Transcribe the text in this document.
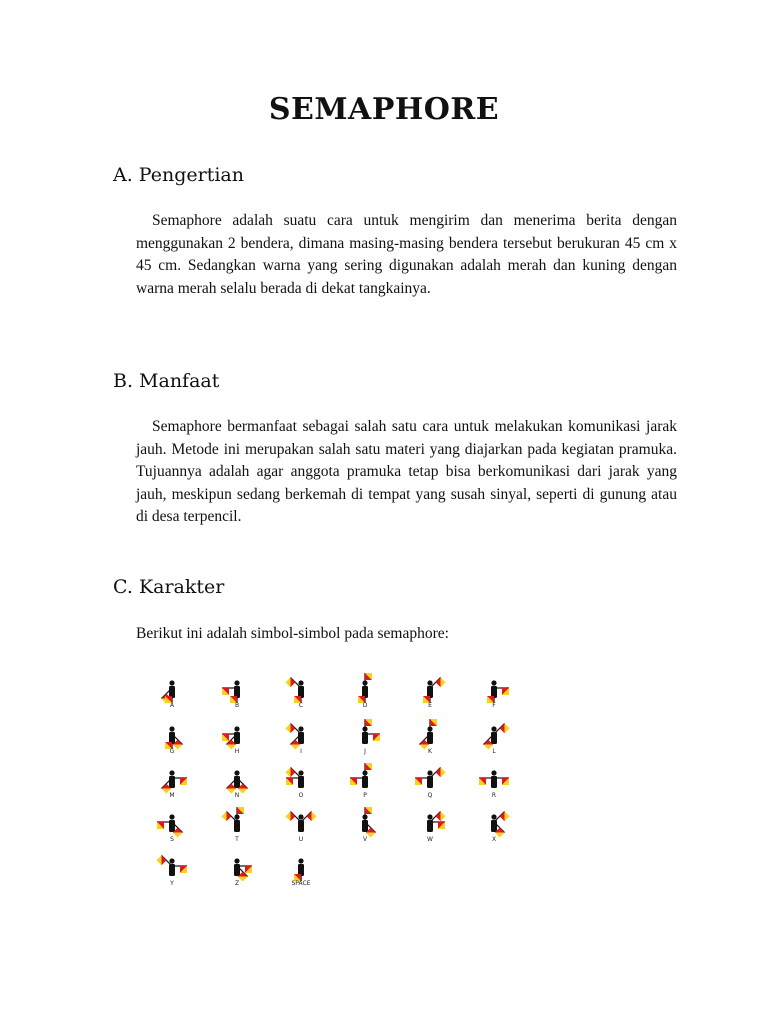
SEMAPHORE
A. Pengertian

Semaphore adalah suatu cara untuk mengirim dan menerima berita dengan menggunakan 2 bendera, dimana masing-masing bendera tersebut berukuran 45 cm x 45 cm. Sedangkan warna yang sering digunakan adalah merah dan kuning dengan warna merah selalu berada di dekat tangkainya.

B. Manfaat

Semaphore bermanfaat sebagai salah satu cara untuk melakukan komunikasi jarak jauh. Metode ini merupakan salah satu materi yang diajarkan pada kegiatan pramuka. Tujuannya adalah agar anggota pramuka tetap bisa berkomunikasi dari jarak yang jauh, meskipun sedang berkemah di tempat yang susah sinyal, seperti di gunung atau di desa terpencil.

C. Karakter

Berikut ini adalah simbol-simbol pada semaphore:

A	B	C	D	E	F
G	H	I	J	K	L
M	N	O	P	Q	R
S	T	U	V	W	X
Y	Z	SPACE
